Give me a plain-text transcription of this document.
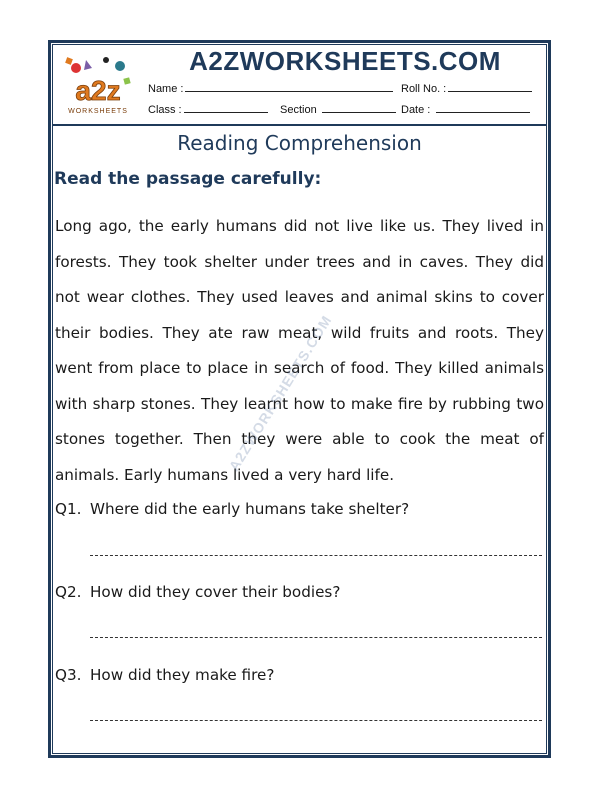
a2z
WORKSHEETS
A2ZWORKSHEETS.COM
Name :	Roll No. :
Class :	Section	Date :
Reading Comprehension
Read the passage carefully:

Long ago, the early humans did not live like us. They lived in forests. They took shelter under trees and in caves. They did not wear clothes. They used leaves and animal skins to cover their bodies. They ate raw meat, wild fruits and roots. They went from place to place in search of food. They killed animals with sharp stones. They learnt how to make fire by rubbing two stones together. Then they were able to cook the meat of animals. Early humans lived a very hard life.

A2ZWORKSHEETS.COM
Q1. Where did the early humans take shelter?
Q2. How did they cover their bodies?
Q3. How did they make fire?
